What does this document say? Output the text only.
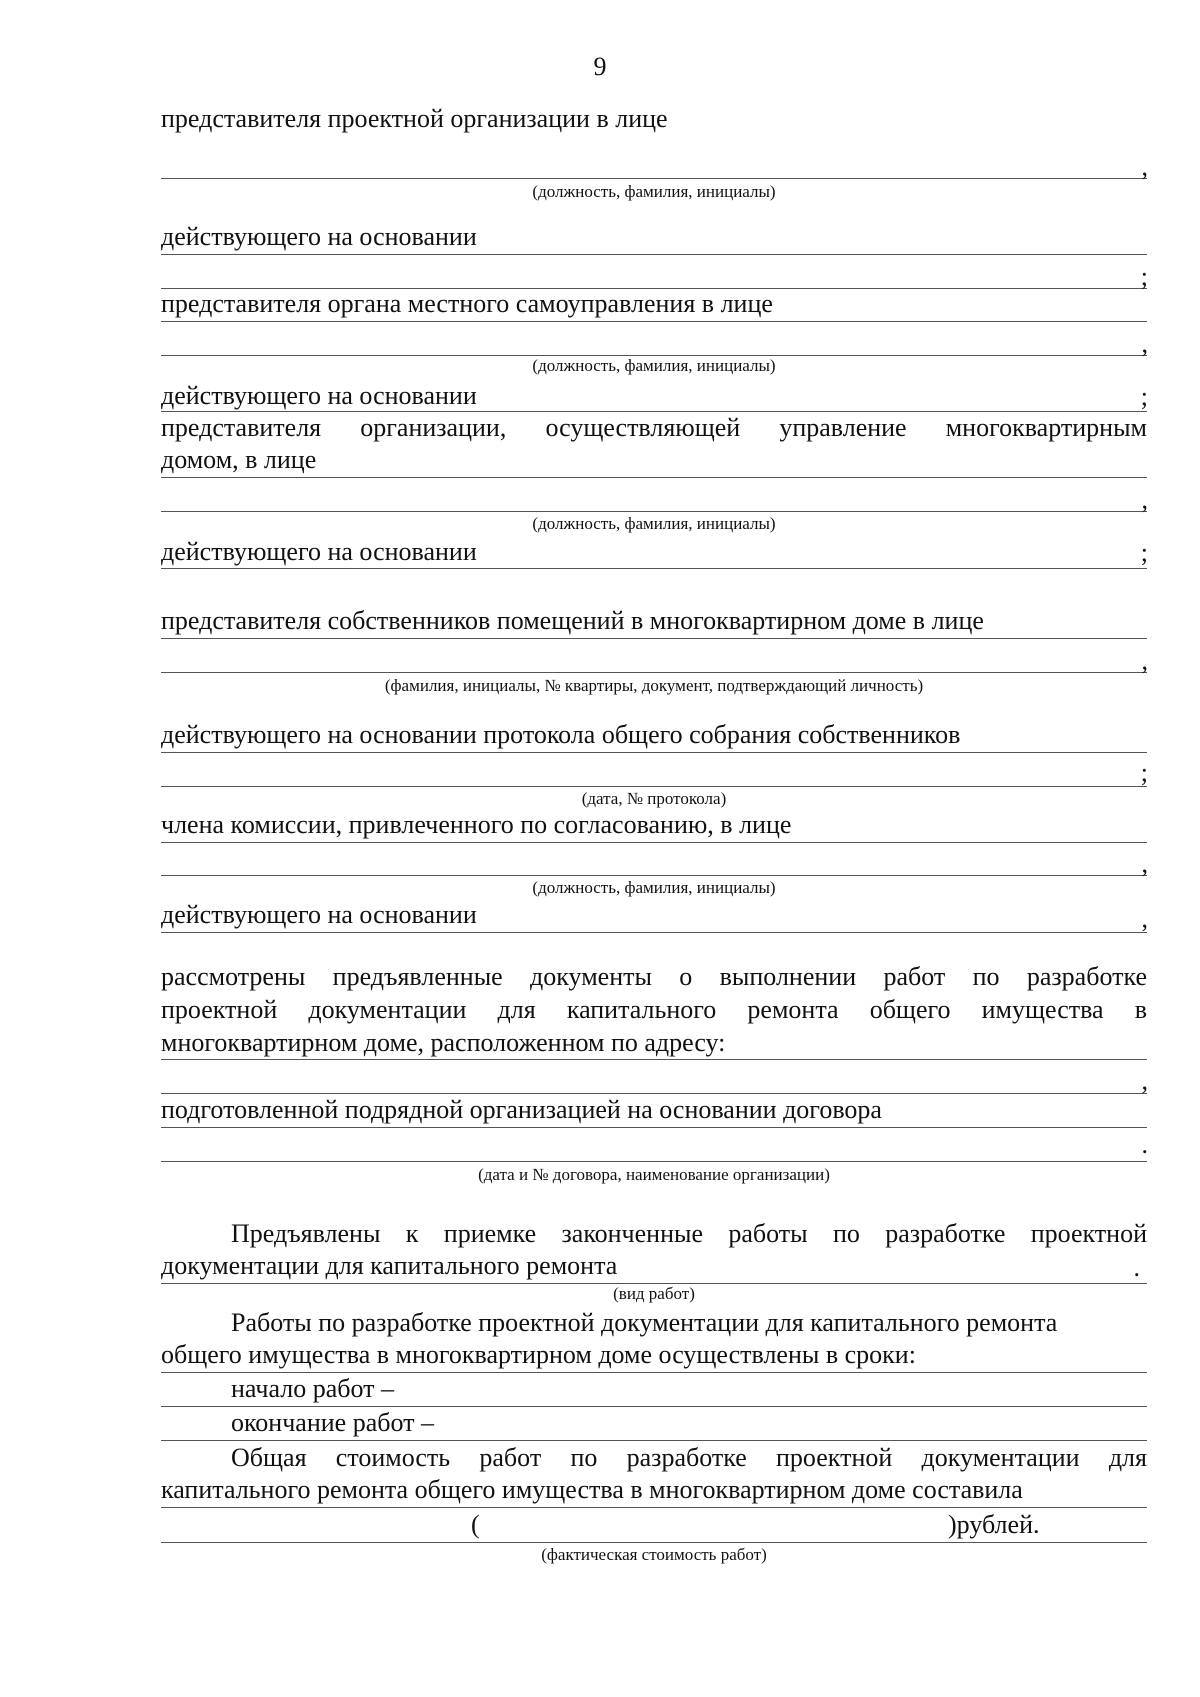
9
представителя проектной организации в лице
,
(должность, фамилия, инициалы)
действующего на основании
;
представителя органа местного самоуправления в лице
,
(должность, фамилия, инициалы)
действующего на основании	;
представителя организации, осуществляющей управление многоквартирным
домом, в лице
,
(должность, фамилия, инициалы)
действующего на основании	;
представителя собственников помещений в многоквартирном доме в лице
,
(фамилия, инициалы, № квартиры, документ, подтверждающий личность)
действующего на основании протокола общего собрания собственников
;
(дата, № протокола)
члена комиссии, привлеченного по согласованию, в лице
,
(должность, фамилия, инициалы)
действующего на основании	,
рассмотрены предъявленные документы о выполнении работ по разработке
проектной документации для капитального ремонта общего имущества в
многоквартирном доме, расположенном по адресу:
,
подготовленной подрядной организацией на основании договора
.
(дата и № договора, наименование организации)
Предъявлены к приемке законченные работы по разработке проектной
документации для капитального ремонта	.
(вид работ)
Работы по разработке проектной документации для капитального ремонта
общего имущества в многоквартирном доме осуществлены в сроки:
начало работ –
окончание работ –
Общая стоимость работ по разработке проектной документации для
капитального ремонта общего имущества в многоквартирном доме составила
(	)рублей.
(фактическая стоимость работ)
